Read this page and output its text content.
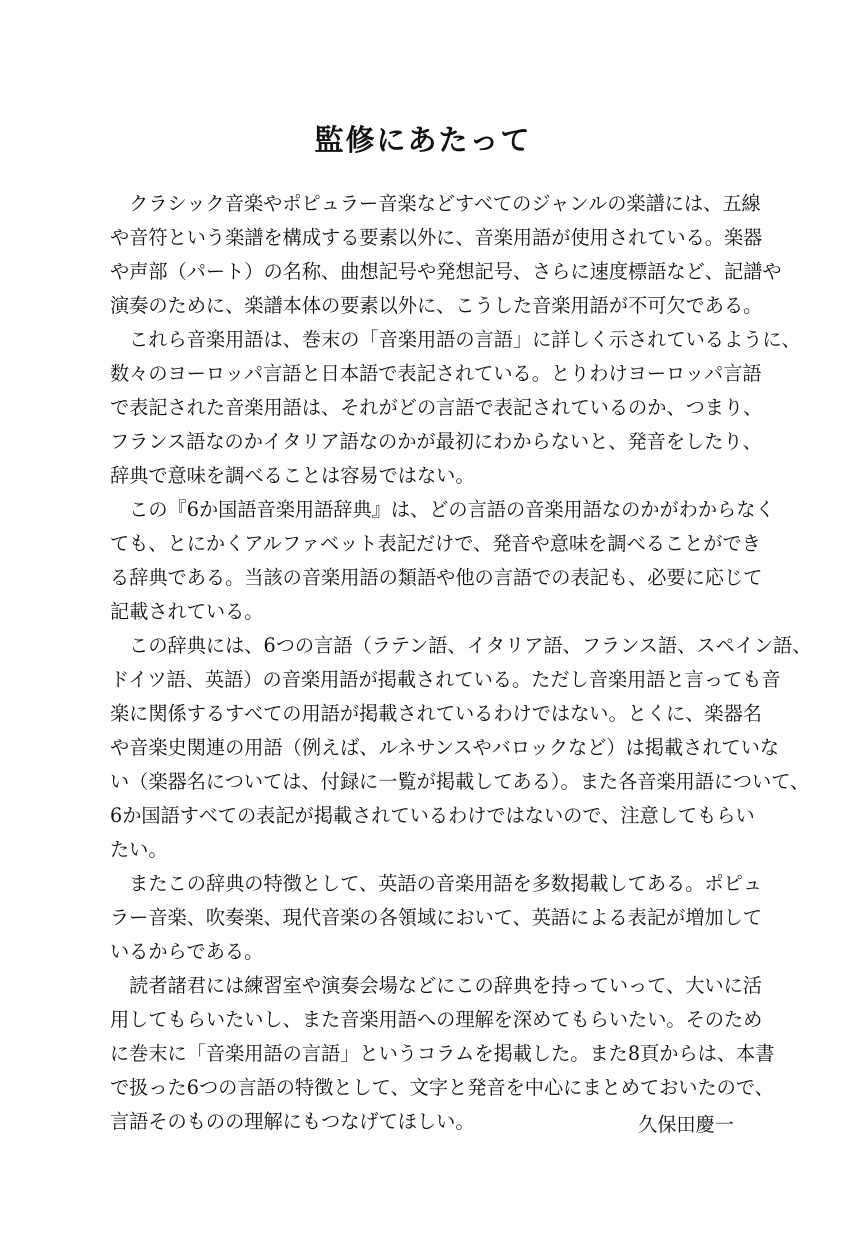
監修にあたって

　クラシック音楽やポピュラー音楽などすべてのジャンルの楽譜には、五線

や音符という楽譜を構成する要素以外に、音楽用語が使用されている。楽器

や声部（パート）の名称、曲想記号や発想記号、さらに速度標語など、記譜や

演奏のために、楽譜本体の要素以外に、こうした音楽用語が不可欠である。

　これら音楽用語は、巻末の「音楽用語の言語」に詳しく示されているように、

数々のヨーロッパ言語と日本語で表記されている。とりわけヨーロッパ言語

で表記された音楽用語は、それがどの言語で表記されているのか、つまり、

フランス語なのかイタリア語なのかが最初にわからないと、発音をしたり、

辞典で意味を調べることは容易ではない。

　この『6か国語音楽用語辞典』は、どの言語の音楽用語なのかがわからなく

ても、とにかくアルファベット表記だけで、発音や意味を調べることができ

る辞典である。当該の音楽用語の類語や他の言語での表記も、必要に応じて

記載されている。

　この辞典には、6つの言語（ラテン語、イタリア語、フランス語、スペイン語、

ドイツ語、英語）の音楽用語が掲載されている。ただし音楽用語と言っても音

楽に関係するすべての用語が掲載されているわけではない。とくに、楽器名

や音楽史関連の用語（例えば、ルネサンスやバロックなど）は掲載されていな

い（楽器名については、付録に一覧が掲載してある）。また各音楽用語について、

6か国語すべての表記が掲載されているわけではないので、注意してもらい

たい。

　またこの辞典の特徴として、英語の音楽用語を多数掲載してある。ポピュ

ラー音楽、吹奏楽、現代音楽の各領域において、英語による表記が増加して

いるからである。

　読者諸君には練習室や演奏会場などにこの辞典を持っていって、大いに活

用してもらいたいし、また音楽用語への理解を深めてもらいたい。そのため

に巻末に「音楽用語の言語」というコラムを掲載した。また8頁からは、本書

で扱った6つの言語の特徴として、文字と発音を中心にまとめておいたので、

言語そのものの理解にもつなげてほしい。	久保田慶一
